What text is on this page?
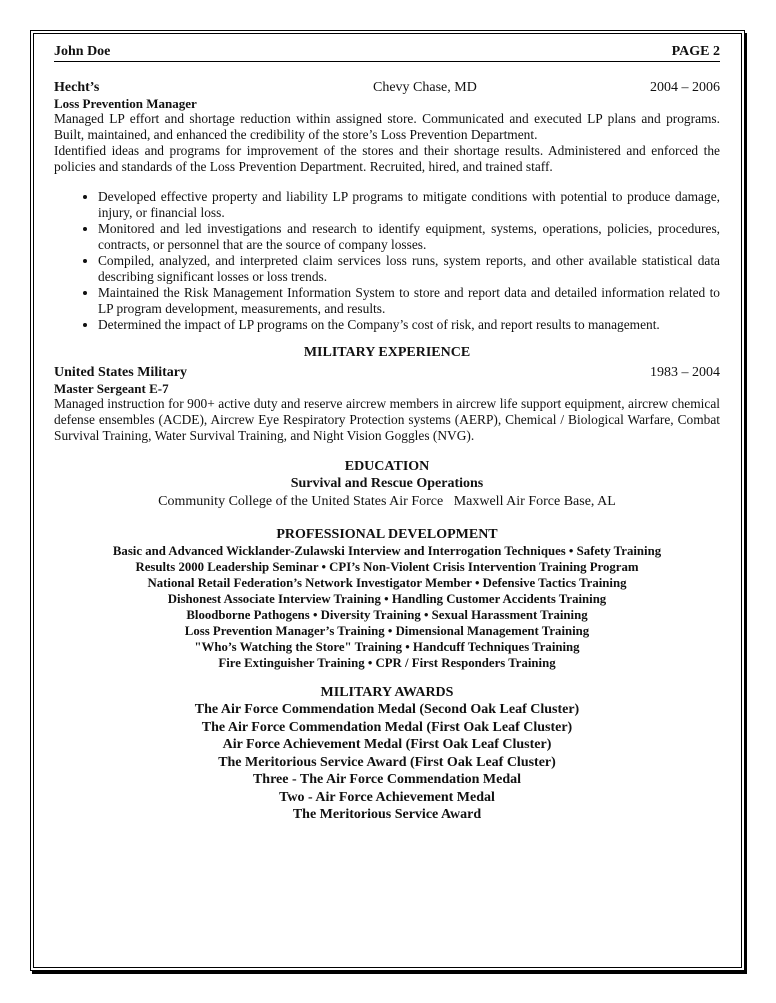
John Doe	PAGE 2
Hecht’s	Chevy Chase, MD	2004 – 2006
Loss Prevention Manager

Managed LP effort and shortage reduction within assigned store. Communicated and executed LP plans and programs. Built, maintained, and enhanced the credibility of the store’s Loss Prevention Department.

Identified ideas and programs for improvement of the stores and their shortage results. Administered and enforced the policies and standards of the Loss Prevention Department. Recruited, hired, and trained staff.

• Developed effective property and liability LP programs to mitigate conditions with potential to produce damage, injury, or financial loss.
• Monitored and led investigations and research to identify equipment, systems, operations, policies, procedures, contracts, or personnel that are the source of company losses.
• Compiled, analyzed, and interpreted claim services loss runs, system reports, and other available statistical data describing significant losses or loss trends.
• Maintained the Risk Management Information System to store and report data and detailed information related to LP program development, measurements, and results.
• Determined the impact of LP programs on the Company’s cost of risk, and report results to management.
MILITARY EXPERIENCE
United States Military	1983 – 2004
Master Sergeant E-7

Managed instruction for 900+ active duty and reserve aircrew members in aircrew life support equipment, aircrew chemical defense ensembles (ACDE), Aircrew Eye Respiratory Protection systems (AERP), Chemical / Biological Warfare, Combat Survival Training, Water Survival Training, and Night Vision Goggles (NVG).

EDUCATION
Survival and Rescue Operations
Community College of the United States Air Force   Maxwell Air Force Base, AL
PROFESSIONAL DEVELOPMENT
Basic and Advanced Wicklander-Zulawski Interview and Interrogation Techniques • Safety Training
Results 2000 Leadership Seminar • CPI’s Non-Violent Crisis Intervention Training Program
National Retail Federation’s Network Investigator Member • Defensive Tactics Training
Dishonest Associate Interview Training • Handling Customer Accidents Training
Bloodborne Pathogens • Diversity Training • Sexual Harassment Training
Loss Prevention Manager’s Training • Dimensional Management Training
"Who’s Watching the Store" Training • Handcuff Techniques Training
Fire Extinguisher Training • CPR / First Responders Training
MILITARY AWARDS
The Air Force Commendation Medal (Second Oak Leaf Cluster)
The Air Force Commendation Medal (First Oak Leaf Cluster)
Air Force Achievement Medal (First Oak Leaf Cluster)
The Meritorious Service Award (First Oak Leaf Cluster)
Three - The Air Force Commendation Medal
Two - Air Force Achievement Medal
The Meritorious Service Award
